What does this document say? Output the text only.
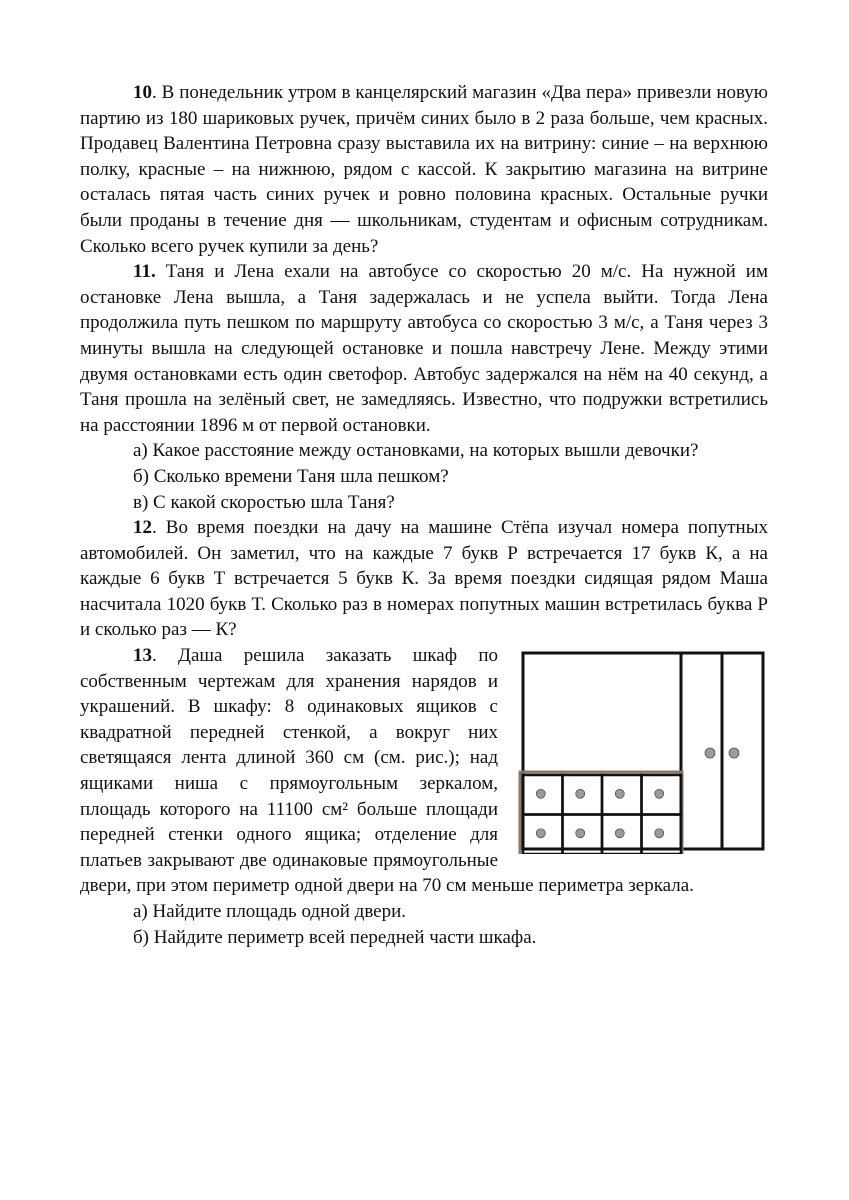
10. В понедельник утром в канцелярский магазин «Два пера» привезли новую партию из 180 шариковых ручек, причём синих было в 2 раза больше, чем красных. Продавец Валентина Петровна сразу выставила их на витрину: синие – на верхнюю полку, красные – на нижнюю, рядом с кассой. К закрытию магазина на витрине осталась пятая часть синих ручек и ровно половина красных. Остальные ручки были проданы в течение дня — школьникам, студентам и офисным сотрудникам. Сколько всего ручек купили за день?

11. Таня и Лена ехали на автобусе со скоростью 20 м/с. На нужной им остановке Лена вышла, а Таня задержалась и не успела выйти. Тогда Лена продолжила путь пешком по маршруту автобуса со скоростью 3 м/с, а Таня через 3 минуты вышла на следующей остановке и пошла навстречу Лене. Между этими двумя остановками есть один светофор. Автобус задержался на нём на 40 секунд, а Таня прошла на зелёный свет, не замедляясь. Известно, что подружки встретились на расстоянии 1896 м от первой остановки.

а) Какое расстояние между остановками, на которых вышли девочки?

б) Сколько времени Таня шла пешком?

в) С какой скоростью шла Таня?

12. Во время поездки на дачу на машине Стёпа изучал номера попутных автомобилей. Он заметил, что на каждые 7 букв Р встречается 17 букв К, а на каждые 6 букв Т встречается 5 букв К. За время поездки сидящая рядом Маша насчитала 1020 букв Т. Сколько раз в номерах попутных машин встретилась буква Р и сколько раз — К?

13. Даша решила заказать шкаф по собственным чертежам для хранения нарядов и украшений. В шкафу: 8 одинаковых ящиков с квадратной передней стенкой, а вокруг них светящаяся лента длиной 360 см (см. рис.); над ящиками ниша с прямоугольным зеркалом, площадь которого на 11100 см² больше площади передней стенки одного ящика; отделение для платьев закрывают две одинаковые прямоугольные двери, при этом периметр одной двери на 70 см меньше периметра зеркала.

а) Найдите площадь одной двери.

б) Найдите периметр всей передней части шкафа.
